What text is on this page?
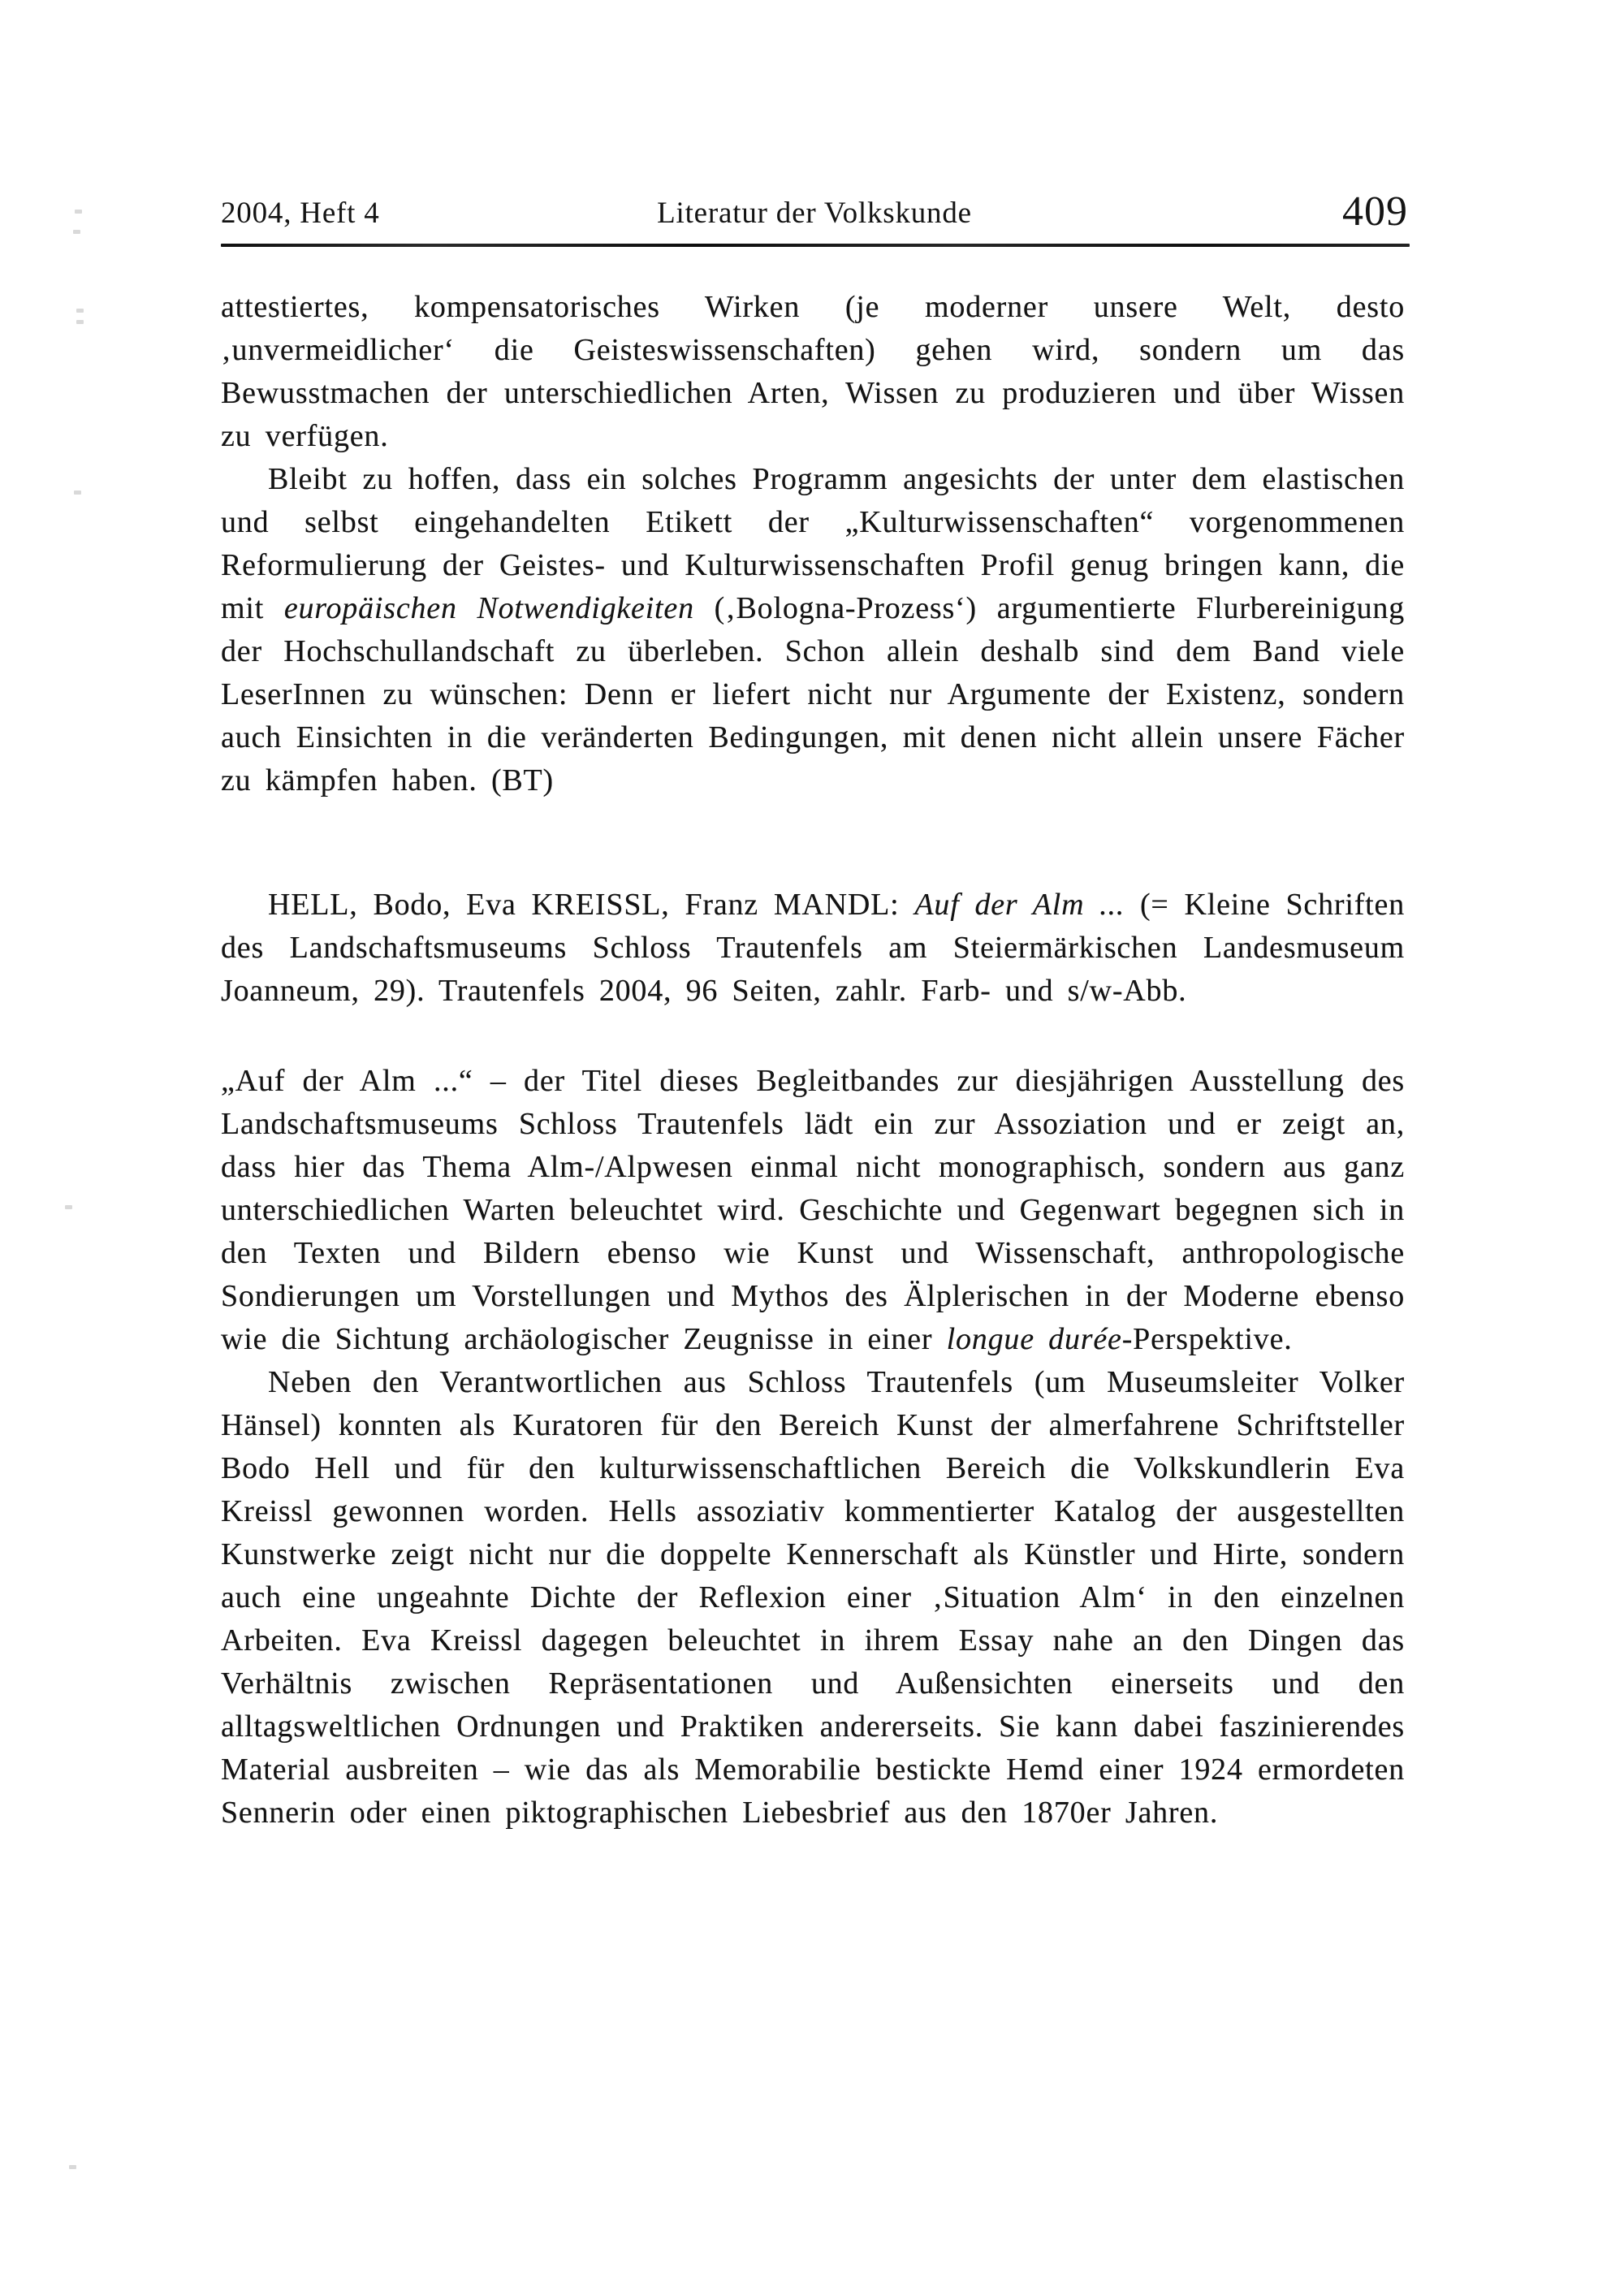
2004, Heft 4	Literatur der Volkskunde	409

attestiertes, kompensatorisches Wirken (je moderner unsere Welt, desto ‚unvermeidlicher‘ die Geisteswissenschaften) gehen wird, sondern um das Bewusstmachen der unterschiedlichen Arten, Wissen zu produzieren und über Wissen zu verfügen.

Bleibt zu hoffen, dass ein solches Programm angesichts der unter dem elastischen und selbst eingehandelten Etikett der „Kulturwissenschaften“ vorgenommenen Reformulierung der Geistes- und Kulturwissenschaften Profil genug bringen kann, die mit europäischen Notwendigkeiten (‚Bologna-Prozess‘) argumentierte Flurbereinigung der Hochschullandschaft zu überleben. Schon allein deshalb sind dem Band viele LeserInnen zu wünschen: Denn er liefert nicht nur Argumente der Existenz, sondern auch Einsichten in die veränderten Bedingungen, mit denen nicht allein unsere Fächer zu kämpfen haben. (BT)

HELL, Bodo, Eva KREISSL, Franz MANDL: Auf der Alm ... (= Kleine Schriften des Landschaftsmuseums Schloss Trautenfels am Steiermärkischen Landesmuseum Joanneum, 29). Trautenfels 2004, 96 Seiten, zahlr. Farb- und s/w-Abb.

„Auf der Alm ...“ – der Titel dieses Begleitbandes zur diesjährigen Ausstellung des Landschaftsmuseums Schloss Trautenfels lädt ein zur Assoziation und er zeigt an, dass hier das Thema Alm-/Alpwesen einmal nicht monographisch, sondern aus ganz unterschiedlichen Warten beleuchtet wird. Geschichte und Gegenwart begegnen sich in den Texten und Bildern ebenso wie Kunst und Wissenschaft, anthropologische Sondierungen um Vorstellungen und Mythos des Älplerischen in der Moderne ebenso wie die Sichtung archäologischer Zeugnisse in einer longue durée-Perspektive.

Neben den Verantwortlichen aus Schloss Trautenfels (um Museumsleiter Volker Hänsel) konnten als Kuratoren für den Bereich Kunst der almerfahrene Schriftsteller Bodo Hell und für den kulturwissenschaftlichen Bereich die Volkskundlerin Eva Kreissl gewonnen worden. Hells assoziativ kommentierter Katalog der ausgestellten Kunstwerke zeigt nicht nur die doppelte Kennerschaft als Künstler und Hirte, sondern auch eine ungeahnte Dichte der Reflexion einer ‚Situation Alm‘ in den einzelnen Arbeiten. Eva Kreissl dagegen beleuchtet in ihrem Essay nahe an den Dingen das Verhältnis zwischen Repräsentationen und Außensichten einerseits und den alltagsweltlichen Ordnungen und Praktiken andererseits. Sie kann dabei faszinierendes Material ausbreiten – wie das als Memorabilie bestickte Hemd einer 1924 ermordeten Sennerin oder einen piktographischen Liebesbrief aus den 1870er Jahren.
